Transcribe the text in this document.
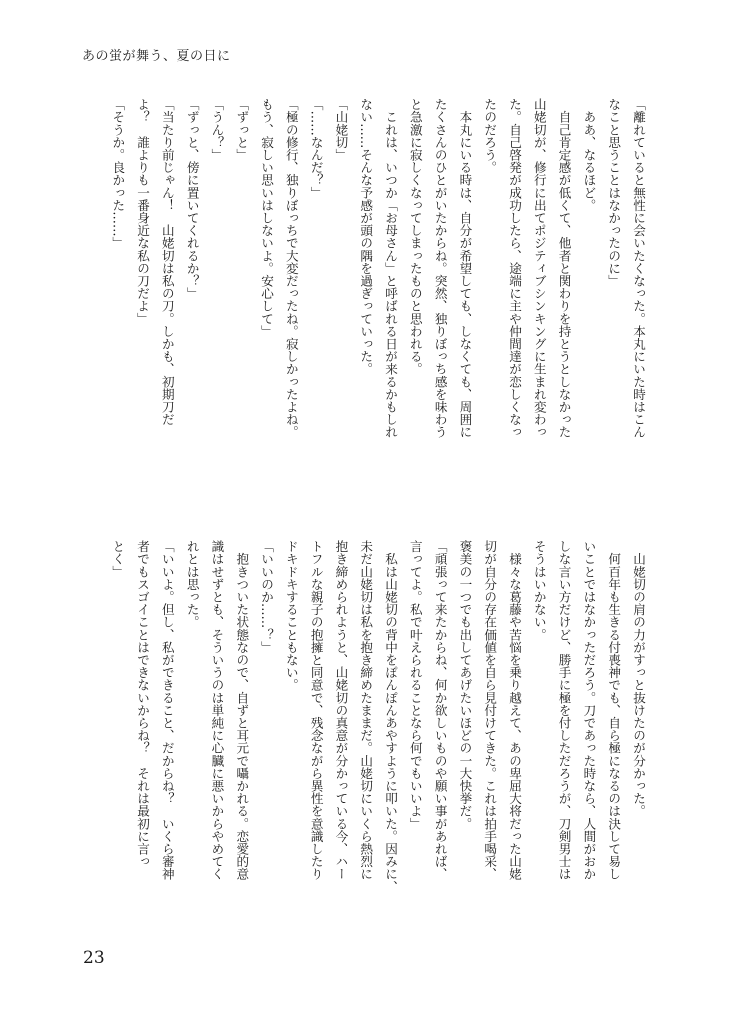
あの蛍が舞う、夏の日に

「離れていると無性に会いたくなった。本丸にいた時はこん

なこと思うことはなかったのに」

　ああ、なるほど。

　自己肯定感が低くて、他者と関わりを持とうとしなかった

山姥切が、修行に出てポジティブシンキングに生まれ変わっ

た。自己啓発が成功したら、途端に主や仲間達が恋しくなっ

たのだろう。

　本丸にいる時は、自分が希望しても、しなくても、周囲に

たくさんのひとがいたからね。突然、独りぼっち感を味わう

と急激に寂しくなってしまったものと思われる。

　これは、いつか「お母さん」と呼ばれる日が来るかもしれ

ない……そんな予感が頭の隅を過ぎっていった。

「山姥切」

「……なんだ？」

「極の修行、独りぼっちで大変だったね。寂しかったよね。

もう、寂しい思いはしないよ。安心して」

「ずっと」

「うん？」

「ずっと、傍に置いてくれるか？」

「当たり前じゃん！　山姥切は私の刀。しかも、初期刀だ

よ？　誰よりも一番身近な私の刀だよ」

「そうか。良かった……」

　山姥切の肩の力がすっと抜けたのが分かった。

　何百年も生きる付喪神でも、自ら極になるのは決して易し

いことではなかっただろう。刀であった時なら、人間がおか

しな言い方だけど、勝手に極を付しただろうが、刀剣男士は

そうはいかない。

　様々な葛藤や苦悩を乗り越えて、あの卑屈大将だった山姥

切が自分の存在価値を自ら見付けてきた。これは拍手喝采、

褒美の一つでも出してあげたいほどの一大快挙だ。

「頑張って来たからね、何か欲しいものや願い事があれば、

言ってよ。私で叶えられることなら何でもいいよ」

　私は山姥切の背中をぽんぽんあやすように叩いた。因みに、

未だ山姥切は私を抱き締めたままだ。山姥切にいくら熱烈に

抱き締められようと、山姥切の真意が分かっている今、ハー

トフルな親子の抱擁と同意で、残念ながら異性を意識したり

ドキドキすることもない。

「いいのか……？」

　抱きついた状態なので、自ずと耳元で囁かれる。恋愛的意

識はせずとも、そういうのは単純に心臓に悪いからやめてく

れとは思った。

「いいよ。但し、私ができること、だからね？　いくら審神

者でもスゴイことはできないからね？　それは最初に言っ

とく」

23
